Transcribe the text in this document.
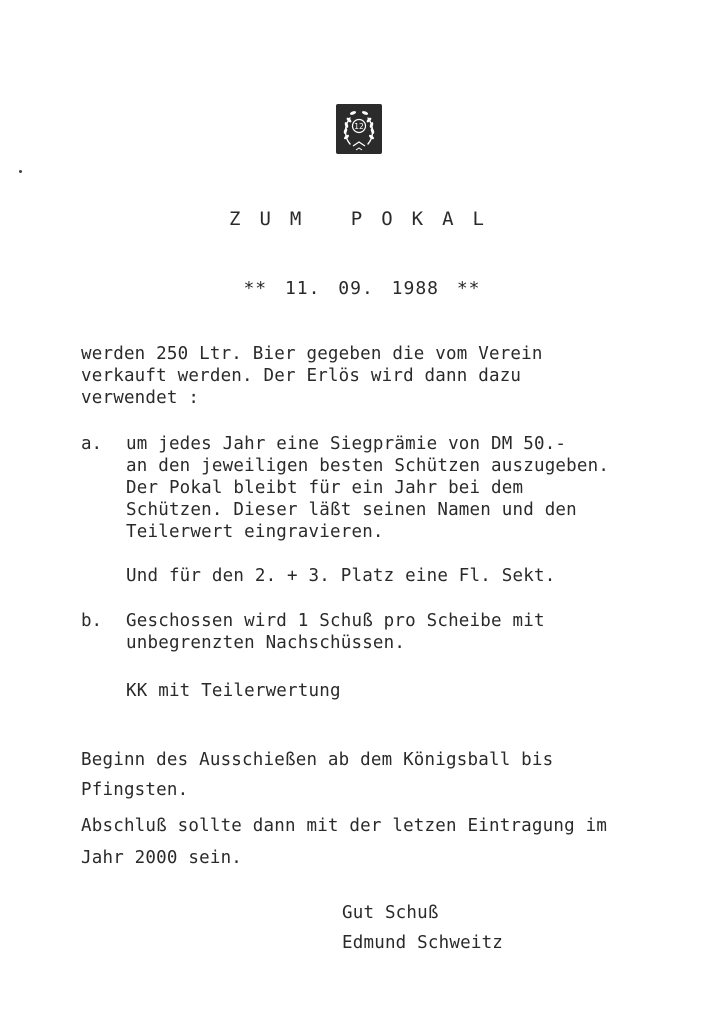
12
ZUM POKAL
** 11. 09. 1988 **
werden 250 Ltr. Bier gegeben die vom Verein
verkauft werden. Der Erlös wird dann dazu
verwendet :
a. um jedes Jahr eine Siegprämie von DM 50.-
an den jeweiligen besten Schützen auszugeben.
Der Pokal bleibt für ein Jahr bei dem
Schützen. Dieser läßt seinen Namen und den
Teilerwert eingravieren.
Und für den 2. + 3. Platz eine Fl. Sekt.
b. Geschossen wird 1 Schuß pro Scheibe mit
unbegrenzten Nachschüssen.
KK mit Teilerwertung
Beginn des Ausschießen ab dem Königsball bis
Pfingsten.
Abschluß sollte dann mit der letzen Eintragung im
Jahr 2000 sein.
Gut Schuß
Edmund Schweitz
